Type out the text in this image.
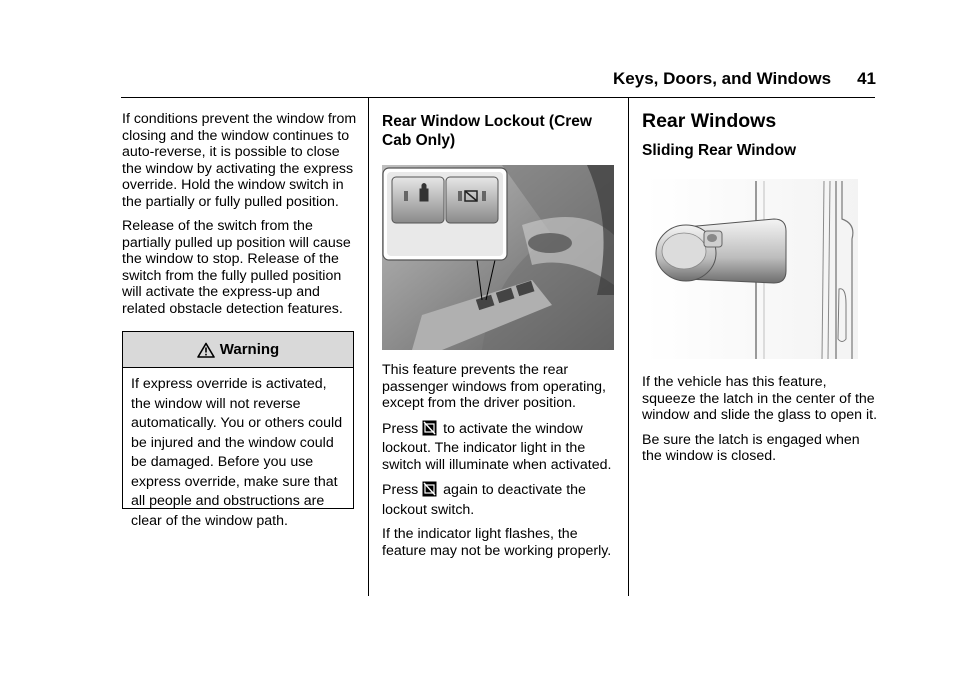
Keys, Doors, and Windows 41

If conditions prevent the window from closing and the window continues to auto-reverse, it is possible to close the window by activating the express override. Hold the window switch in the partially or fully pulled position.

Release of the switch from the partially pulled up position will cause the window to stop. Release of the switch from the fully pulled position will activate the express-up and related obstacle detection features.

Warning
If express override is activated, the window will not reverse automatically. You or others could be injured and the window could be damaged. Before you use express override, make sure that all people and obstructions are clear of the window path.
Rear Window Lockout (Crew Cab Only)

This feature prevents the rear passenger windows from operating, except from the driver position.

Press to activate the window lockout. The indicator light in the switch will illuminate when activated.

Press again to deactivate the lockout switch.

If the indicator light flashes, the feature may not be working properly.

Rear Windows
Sliding Rear Window

If the vehicle has this feature, squeeze the latch in the center of the window and slide the glass to open it.

Be sure the latch is engaged when the window is closed.
